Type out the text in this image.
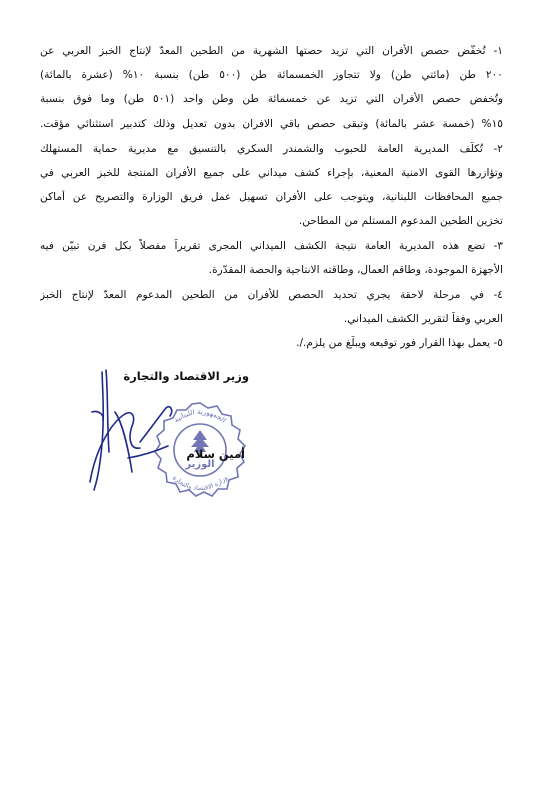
١- تُخفّض حصص الأفران التي تزيد حصتها الشهرية من الطحين المعدّ لإنتاج الخبز العربي عن
٢٠٠ طن (مائتي طن) ولا تتجاوز الخمسمائة طن (٥٠٠ طن) بنسبة ١٠% (عشرة بالمائة)
وتُخفض حصص الأفران التي تزيد عن خمسمائة طن وطن واحد (٥٠١ طن) وما فوق بنسبة
١٥% (خمسة عشر بالمائة) وتبقى حصص باقي الافران بدون تعديل وذلك كتدبير استثنائي مؤقت.
٢- تُكلّف المديرية العامة للحبوب والشمندر السكري بالتنسيق مع مديرية حماية المستهلك
وتؤازرها القوى الامنية المعنية، بإجراء كشف ميداني على جميع الأفران المنتجة للخبز العربي في
جميع المحافظات اللبنانية، ويتوجب على الأفران تسهيل عمل فريق الوزارة والتصريح عن أماكن
تخزين الطحين المدعوم المستلم من المطاحن.
٣- تضع هذه المديرية العامة نتيجة الكشف الميداني المجرى تقريراً مفصلاً بكل فرن تبيّن فيه
الأجهزة الموجودة، وطاقم العمال، وطاقته الانتاجية والحصة المقدّرة.
٤- في مرحلة لاحقة يجري تحديد الحصص للأفران من الطحين المدعوم المعدّ لإنتاج الخبز
العربي وفقاً لتقرير الكشف الميداني.
٥- يعمل بهذا القرار فور توقيعه ويبلّغ من يلزم./.
الجمهورية اللبنانية
وزارة الاقتصاد والتجارة
الوزير
وزير الاقتصاد والتجارة
أمين سلام
